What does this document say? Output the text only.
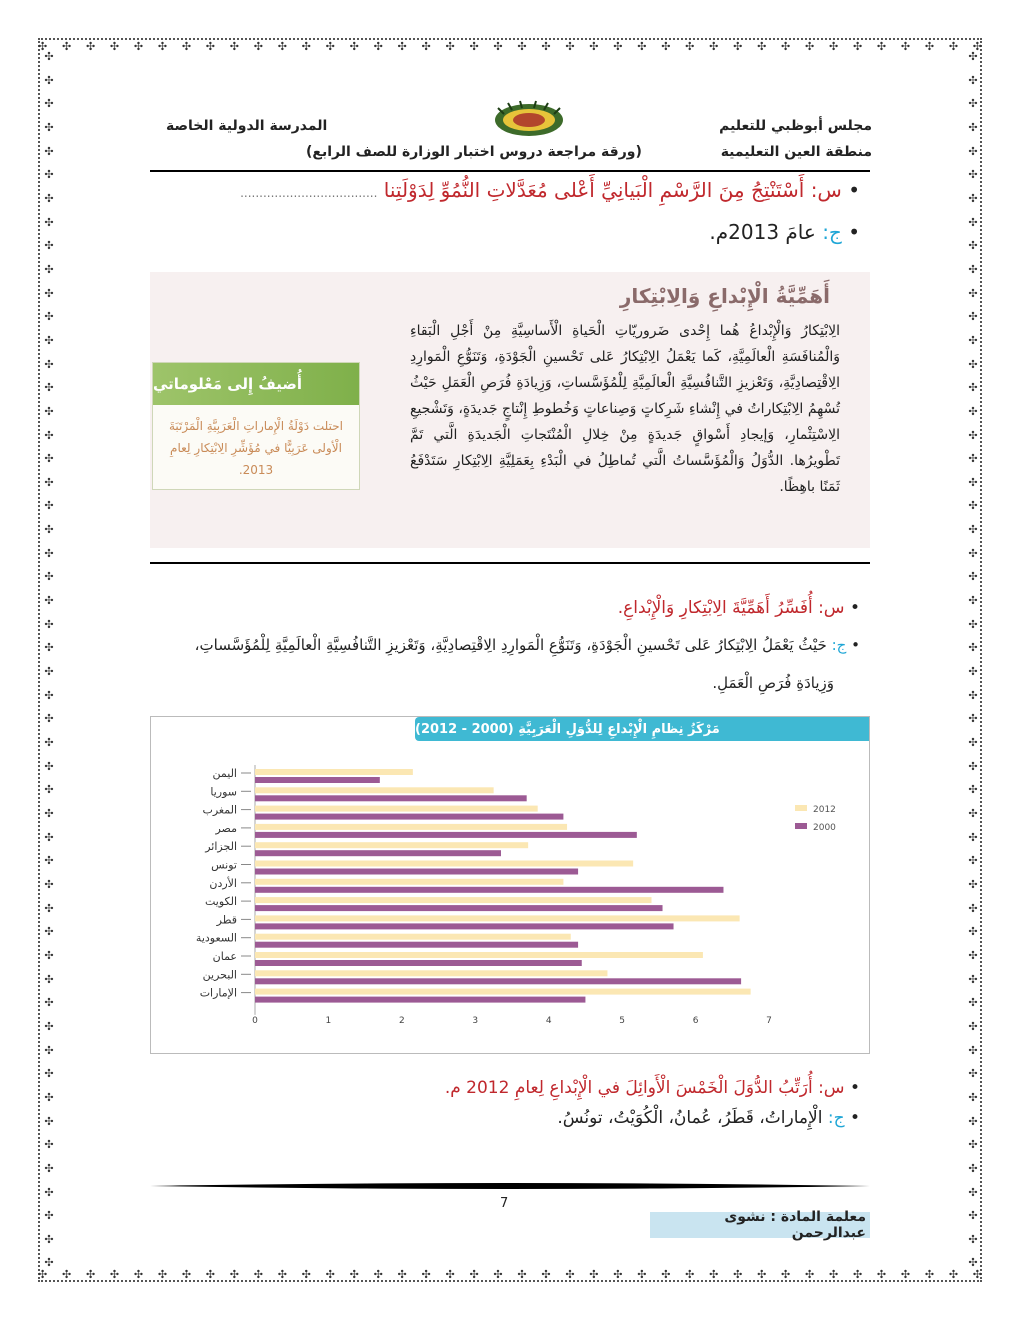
✣ ✣ ✣ ✣ ✣ ✣ ✣ ✣ ✣ ✣ ✣ ✣ ✣ ✣ ✣ ✣ ✣ ✣ ✣ ✣ ✣ ✣ ✣ ✣ ✣ ✣ ✣ ✣ ✣ ✣ ✣ ✣ ✣ ✣ ✣ ✣ ✣ ✣ ✣ ✣
✣ ✣ ✣ ✣ ✣ ✣ ✣ ✣ ✣ ✣ ✣ ✣ ✣ ✣ ✣ ✣ ✣ ✣ ✣ ✣ ✣ ✣ ✣ ✣ ✣ ✣ ✣ ✣ ✣ ✣ ✣ ✣ ✣ ✣ ✣ ✣ ✣ ✣ ✣ ✣
✣
✣
✣
✣
✣
✣
✣
✣
✣
✣
✣
✣
✣
✣
✣
✣
✣
✣
✣
✣
✣
✣
✣
✣
✣
✣
✣
✣
✣
✣
✣
✣
✣
✣
✣
✣
✣
✣
✣
✣
✣
✣
✣
✣
✣
✣
✣
✣
✣
✣
✣
✣
✣
✣
✣
✣
✣
✣
✣
✣
✣
✣
✣
✣
✣
✣
✣
✣
✣
✣
✣
✣
✣
✣
✣
✣
✣
✣
✣
✣
✣
✣
✣
✣
✣
✣
✣
✣
✣
✣
✣
✣
✣
✣
✣
✣
✣
✣
✣
✣
✣
✣
✣
✣
مجلس أبوظبي للتعليم
منطقة العين التعليمية
المدرسة الدولية الخاصة
(ورقة مراجعة دروس اختبار الوزارة للصف الرابع)
• س: أَسْتَنْتِجُ مِنَ الرَّسْمِ الْبَيانِيِّ أَعْلى مُعَدَّلاتِ النُّمُوِّ لِدَوْلَتِنا ....................................
• ج: عامَ 2013م.
أَهَمِّيَّةُ الْإِبْداعِ وَالِابْتِكارِ
الِابْتِكارُ وَالْإِبْداعُ هُما إِحْدى ضَروريّاتِ الْحَياةِ الْأَساسِيَّةِ مِنْ أَجْلِ الْبَقاءِ وَالْمُنافَسَةِ الْعالَمِيَّةِ، كَما يَعْمَلُ الِابْتِكارُ عَلى تَحْسينِ الْجَوْدَةِ، وَتَنَوُّعِ الْمَوارِدِ الِاقْتِصادِيَّةِ، وَتَعْزيزِ التَّنافُسِيَّةِ الْعالَمِيَّةِ لِلْمُؤَسَّساتِ، وَزِيادَةِ فُرَصِ الْعَمَلِ حَيْثُ تُسْهِمُ الِابْتِكاراتُ في إِنْشاءِ شَرِكاتٍ وَصِناعاتٍ وَخُطوطِ إِنْتاجٍ جَديدَةٍ، وَتَشْجيعِ الِاسْتِثْمارِ، وَإيجادِ أَسْواقٍ جَديدَةٍ مِنْ خِلالِ الْمُنْتَجاتِ الْجَديدَةِ الَّتي تَمَّ تَطْويرُها. الدُّوَلُ وَالْمُؤَسَّساتُ الَّتي تُماطِلُ في الْبَدْءِ بِعَمَلِيَّةِ الِابْتِكارِ سَتَدْفَعُ ثَمَنًا باهِظًا.
أُضيفُ إِلى مَعْلوماتي
احتلت دَوْلَةُ الْإِماراتِ الْعَرَبِيَّةِ الْمَرْتَبَةَ الْأولى عَرَبِيًّا في مُؤَشِّرِ الِابْتِكارِ لِعامِ 2013.
• س: أُفَسِّرُ أَهَمِّيَّةَ الِابْتِكارِ وَالْإِبْداعِ.
• ج: حَيْثُ يَعْمَلُ الِابْتِكارُ عَلى تَحْسينِ الْجَوْدَةِ، وَتَنَوُّعِ الْمَوارِدِ الِاقْتِصادِيَّةِ، وَتَعْزيزِ التَّنافُسِيَّةِ الْعالَمِيَّةِ لِلْمُؤَسَّساتِ،
وَزِيادَةِ فُرَصِ الْعَمَلِ.
مَرْكَزُ نِظامِ الْإِبْداعِ لِلدُّوَلِ الْعَرَبِيَّةِ (2000 - 2012)
اليمن
سوريا
المغرب
مصر
الجزائر
تونس
الأردن
الكويت
قطر
السعودية
عمان
البحرين
الإمارات
0	1	2	3	4	5	6	7
2012
2000
• س: أُرَتِّبُ الدُّوَلَ الْخَمْسَ الْأَوائِلَ في الْإِبْداعِ لِعامِ 2012 م.
• ج: الْإِماراتُ، قَطَرُ، عُمانُ، الْكُوَيْتُ، تونُسُ.
7
معلمة المادة : نشوى عبدالرحمن
